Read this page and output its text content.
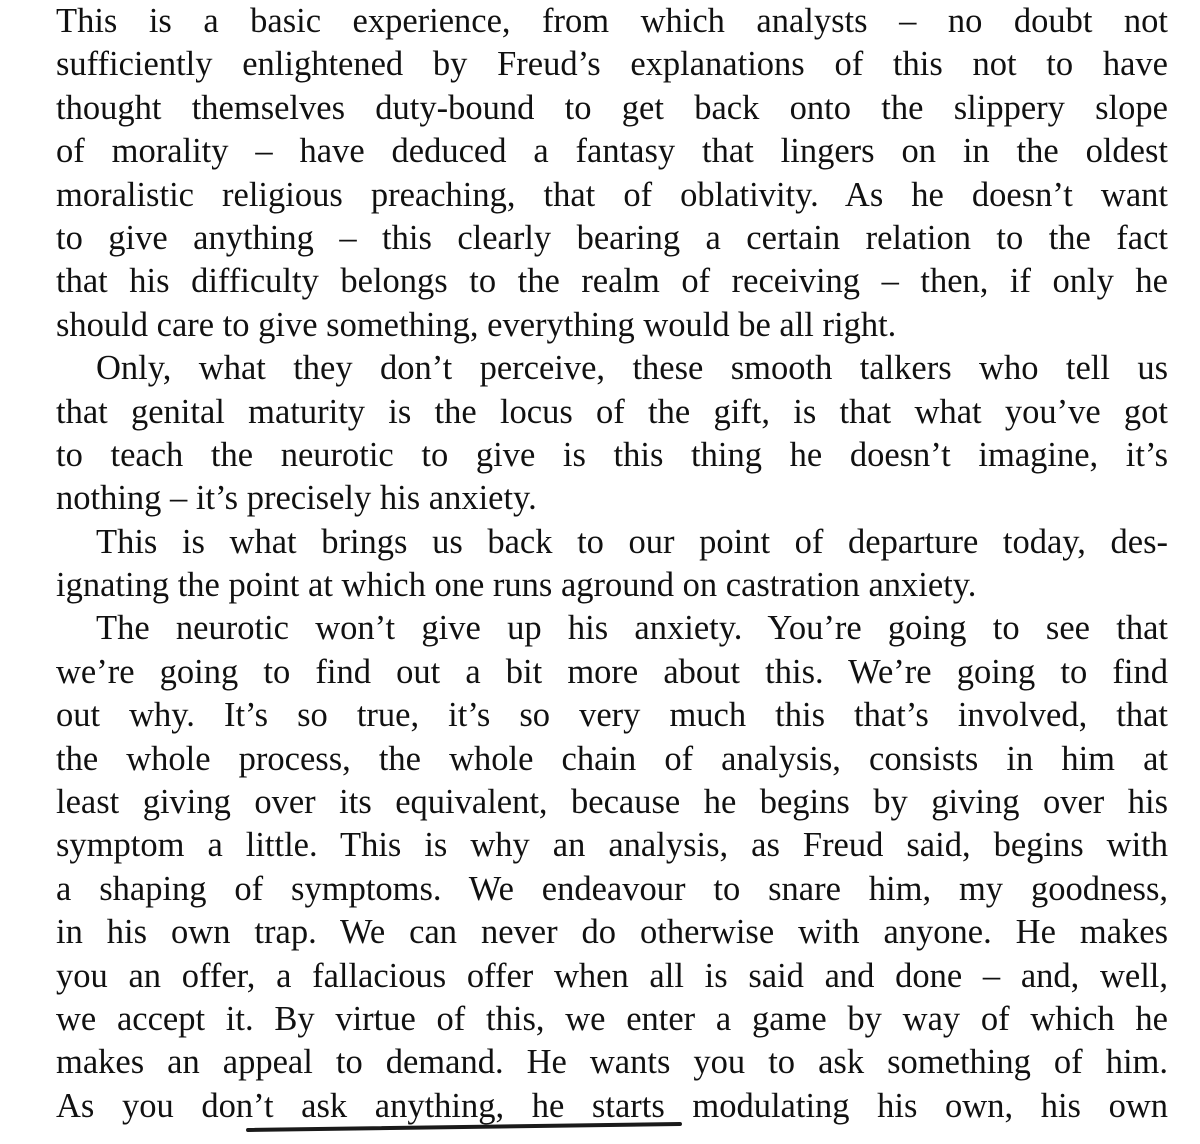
This is a basic experience, from which analysts – no doubt not
sufficiently enlightened by Freud’s explanations of this not to have
thought themselves duty-bound to get back onto the slippery slope
of morality – have deduced a fantasy that lingers on in the oldest
moralistic religious preaching, that of oblativity. As he doesn’t want
to give anything – this clearly bearing a certain relation to the fact
that his difficulty belongs to the realm of receiving – then, if only he
should care to give something, everything would be all right.
Only, what they don’t perceive, these smooth talkers who tell us
that genital maturity is the locus of the gift, is that what you’ve got
to teach the neurotic to give is this thing he doesn’t imagine, it’s
nothing – it’s precisely his anxiety.
This is what brings us back to our point of departure today, des-
ignating the point at which one runs aground on castration anxiety.
The neurotic won’t give up his anxiety. You’re going to see that
we’re going to find out a bit more about this. We’re going to find
out why. It’s so true, it’s so very much this that’s involved, that
the whole process, the whole chain of analysis, consists in him at
least giving over its equivalent, because he begins by giving over his
symptom a little. This is why an analysis, as Freud said, begins with
a shaping of symptoms. We endeavour to snare him, my goodness,
in his own trap. We can never do otherwise with anyone. He makes
you an offer, a fallacious offer when all is said and done – and, well,
we accept it. By virtue of this, we enter a game by way of which he
makes an appeal to demand. He wants you to ask something of him.
As you don’t ask anything, he starts modulating his own, his own
